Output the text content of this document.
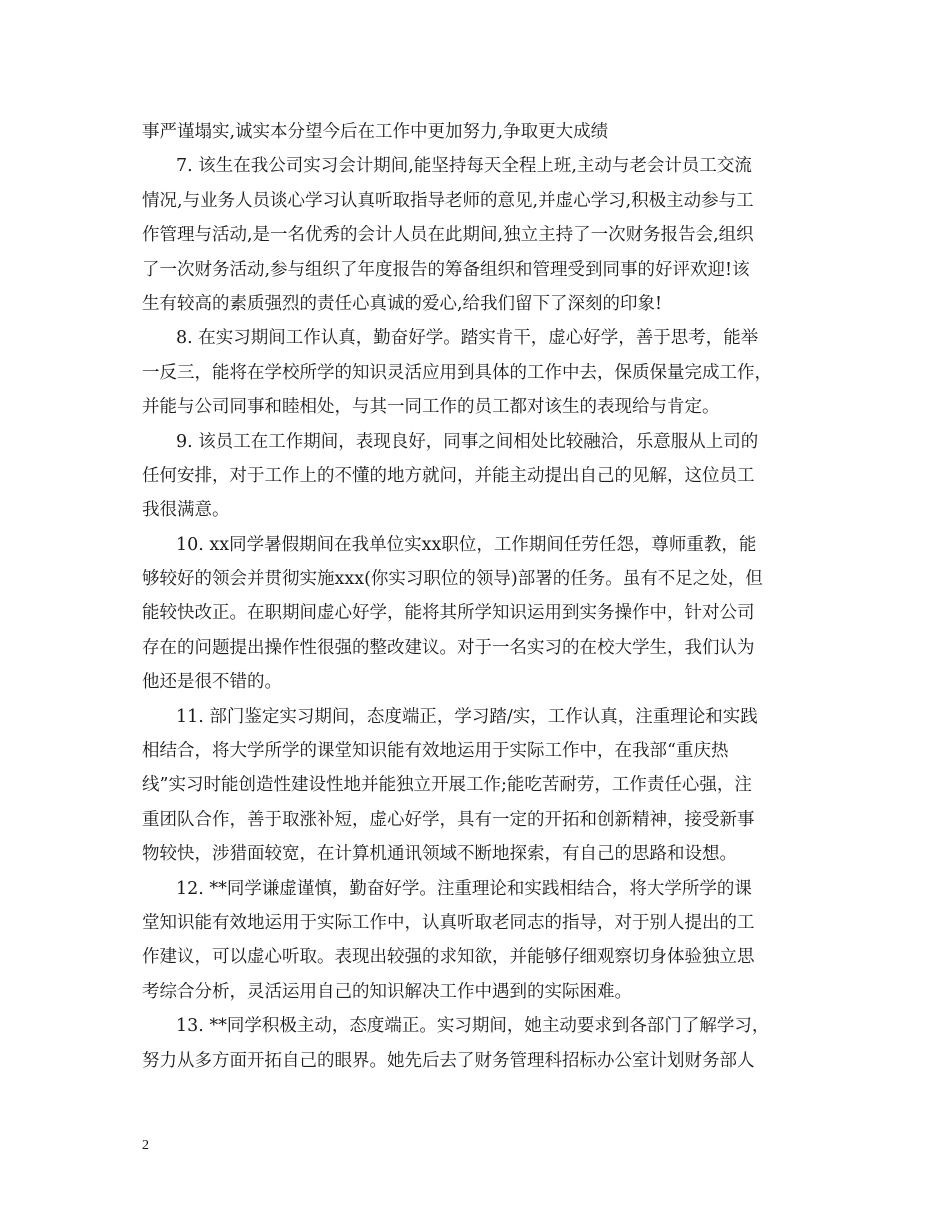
事严谨塌实,诚实本分望今后在工作中更加努力,争取更大成绩
7. 该生在我公司实习会计期间,能坚持每天全程上班,主动与老会计员工交流
情况,与业务人员谈心学习认真听取指导老师的意见,并虚心学习,积极主动参与工
作管理与活动,是一名优秀的会计人员在此期间,独立主持了一次财务报告会,组织
了一次财务活动,参与组织了年度报告的筹备组织和管理受到同事的好评欢迎!该
生有较高的素质强烈的责任心真诚的爱心,给我们留下了深刻的印象!
8. 在实习期间工作认真，勤奋好学。踏实肯干，虚心好学，善于思考，能举
一反三，能将在学校所学的知识灵活应用到具体的工作中去，保质保量完成工作，
并能与公司同事和睦相处，与其一同工作的员工都对该生的表现给与肯定。
9. 该员工在工作期间，表现良好，同事之间相处比较融洽，乐意服从上司的
任何安排，对于工作上的不懂的地方就问，并能主动提出自己的见解，这位员工
我很满意。
10. xx同学暑假期间在我单位实xx职位，工作期间任劳任怨，尊师重教，能
够较好的领会并贯彻实施xxx(你实习职位的领导)部署的任务。虽有不足之处，但
能较快改正。在职期间虚心好学，能将其所学知识运用到实务操作中，针对公司
存在的问题提出操作性很强的整改建议。对于一名实习的在校大学生，我们认为
他还是很不错的。
11. 部门鉴定实习期间，态度端正，学习踏/实，工作认真，注重理论和实践
相结合，将大学所学的课堂知识能有效地运用于实际工作中，在我部“重庆热
线”实习时能创造性建设性地并能独立开展工作;能吃苦耐劳，工作责任心强，注
重团队合作，善于取涨补短，虚心好学，具有一定的开拓和创新精神，接受新事
物较快，涉猎面较宽，在计算机通讯领域不断地探索，有自己的思路和设想。
12. **同学谦虚谨慎，勤奋好学。注重理论和实践相结合，将大学所学的课
堂知识能有效地运用于实际工作中，认真听取老同志的指导，对于别人提出的工
作建议，可以虚心听取。表现出较强的求知欲，并能够仔细观察切身体验独立思
考综合分析，灵活运用自己的知识解决工作中遇到的实际困难。
13. **同学积极主动，态度端正。实习期间，她主动要求到各部门了解学习，
努力从多方面开拓自己的眼界。她先后去了财务管理科招标办公室计划财务部人
2
